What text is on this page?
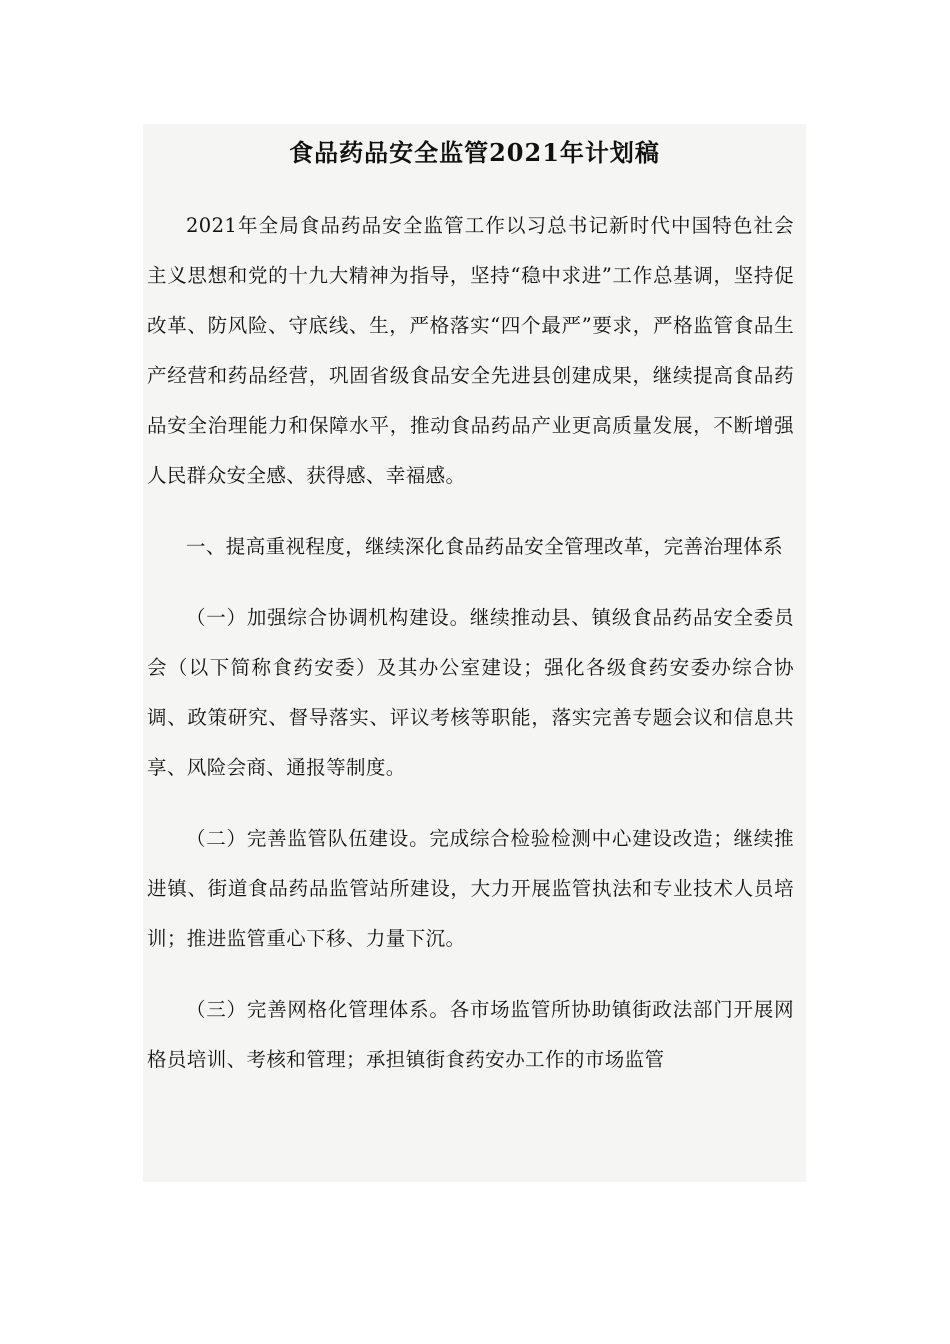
食品药品安全监管2021年计划稿

2021年全局食品药品安全监管工作以习总书记新时代中国特色社会主义思想和党的十九大精神为指导，坚持“稳中求进”工作总基调，坚持促改革、防风险、守底线、生，严格落实“四个最严”要求，严格监管食品生产经营和药品经营，巩固省级食品安全先进县创建成果，继续提高食品药品安全治理能力和保障水平，推动食品药品产业更高质量发展，不断增强人民群众安全感、获得感、幸福感。

一、提高重视程度，继续深化食品药品安全管理改革，完善治理体系

（一）加强综合协调机构建设。继续推动县、镇级食品药品安全委员会（以下简称食药安委）及其办公室建设；强化各级食药安委办综合协调、政策研究、督导落实、评议考核等职能，落实完善专题会议和信息共享、风险会商、通报等制度。

（二）完善监管队伍建设。完成综合检验检测中心建设改造；继续推进镇、街道食品药品监管站所建设，大力开展监管执法和专业技术人员培训；推进监管重心下移、力量下沉。

（三）完善网格化管理体系。各市场监管所协助镇街政法部门开展网格员培训、考核和管理；承担镇街食药安办工作的市场监管
